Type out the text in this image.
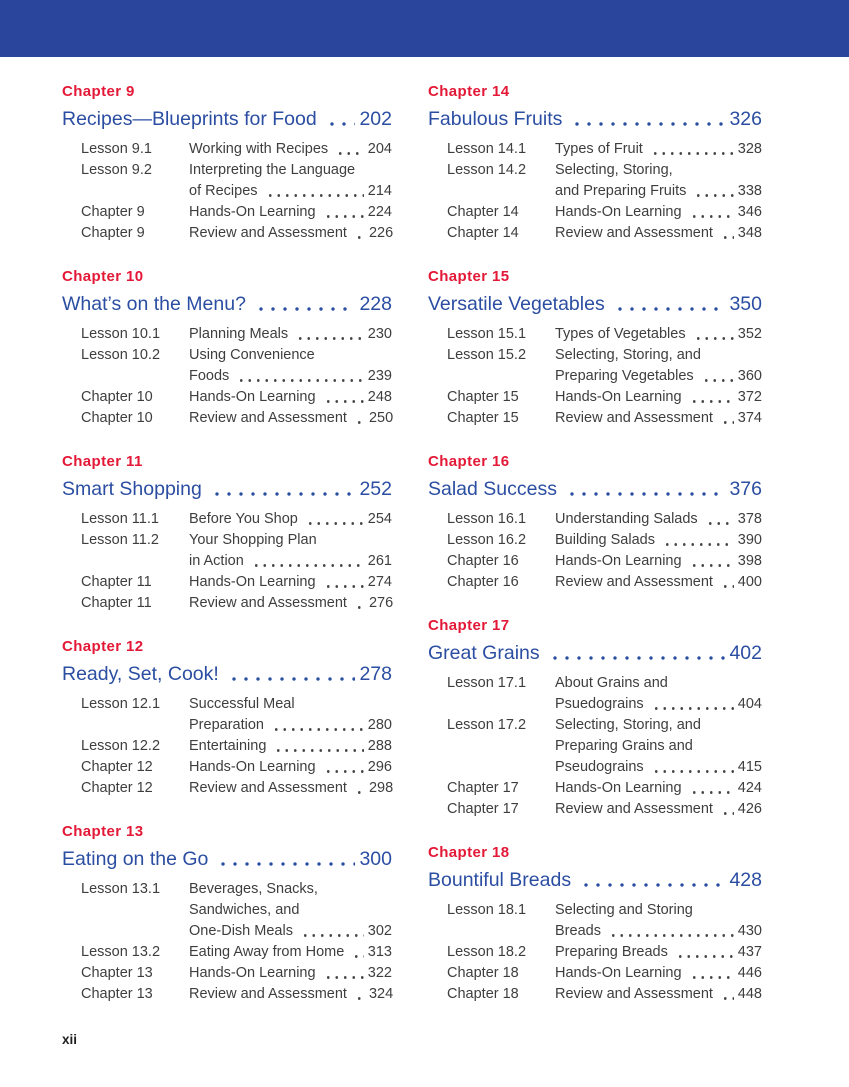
Chapter 9
Recipes—Blueprints for Food 202
Lesson 9.1	Working with Recipes	204
Lesson 9.2	Interpreting the Language
of Recipes	214
Chapter 9	Hands-On Learning	224
Chapter 9	Review and Assessment 226
Chapter 10
What’s on the Menu?	228
Lesson 10.1	Planning Meals	230
Lesson 10.2	Using Convenience
Foods	239
Chapter 10	Hands-On Learning	248
Chapter 10	Review and Assessment 250
Chapter 11
Smart Shopping	252
Lesson 11.1	Before You Shop	254
Lesson 11.2	Your Shopping Plan
in Action	261
Chapter 11	Hands-On Learning	274
Chapter 11	Review and Assessment 276
Chapter 12
Ready, Set, Cook!	278
Lesson 12.1	Successful Meal
Preparation	280
Lesson 12.2	Entertaining	288
Chapter 12	Hands-On Learning	296
Chapter 12	Review and Assessment 298
Chapter 13
Eating on the Go	300
Lesson 13.1	Beverages, Snacks,
Sandwiches, and
One-Dish Meals	302
Lesson 13.2	Eating Away from Home 313
Chapter 13	Hands-On Learning	322
Chapter 13	Review and Assessment 324
Chapter 14
Fabulous Fruits	326
Lesson 14.1	Types of Fruit	328
Lesson 14.2	Selecting, Storing,
and Preparing Fruits	338
Chapter 14	Hands-On Learning	346
Chapter 14	Review and Assessment 348
Chapter 15
Versatile Vegetables	350
Lesson 15.1	Types of Vegetables	352
Lesson 15.2	Selecting, Storing, and
Preparing Vegetables	360
Chapter 15	Hands-On Learning	372
Chapter 15	Review and Assessment 374
Chapter 16
Salad Success	376
Lesson 16.1	Understanding Salads	378
Lesson 16.2	Building Salads	390
Chapter 16	Hands-On Learning	398
Chapter 16	Review and Assessment 400
Chapter 17
Great Grains	402
Lesson 17.1	About Grains and
Psuedograins	404
Lesson 17.2	Selecting, Storing, and
Preparing Grains and
Pseudograins	415
Chapter 17	Hands-On Learning	424
Chapter 17	Review and Assessment 426
Chapter 18
Bountiful Breads	428
Lesson 18.1	Selecting and Storing
Breads	430
Lesson 18.2	Preparing Breads	437
Chapter 18	Hands-On Learning	446
Chapter 18	Review and Assessment 448
xii
